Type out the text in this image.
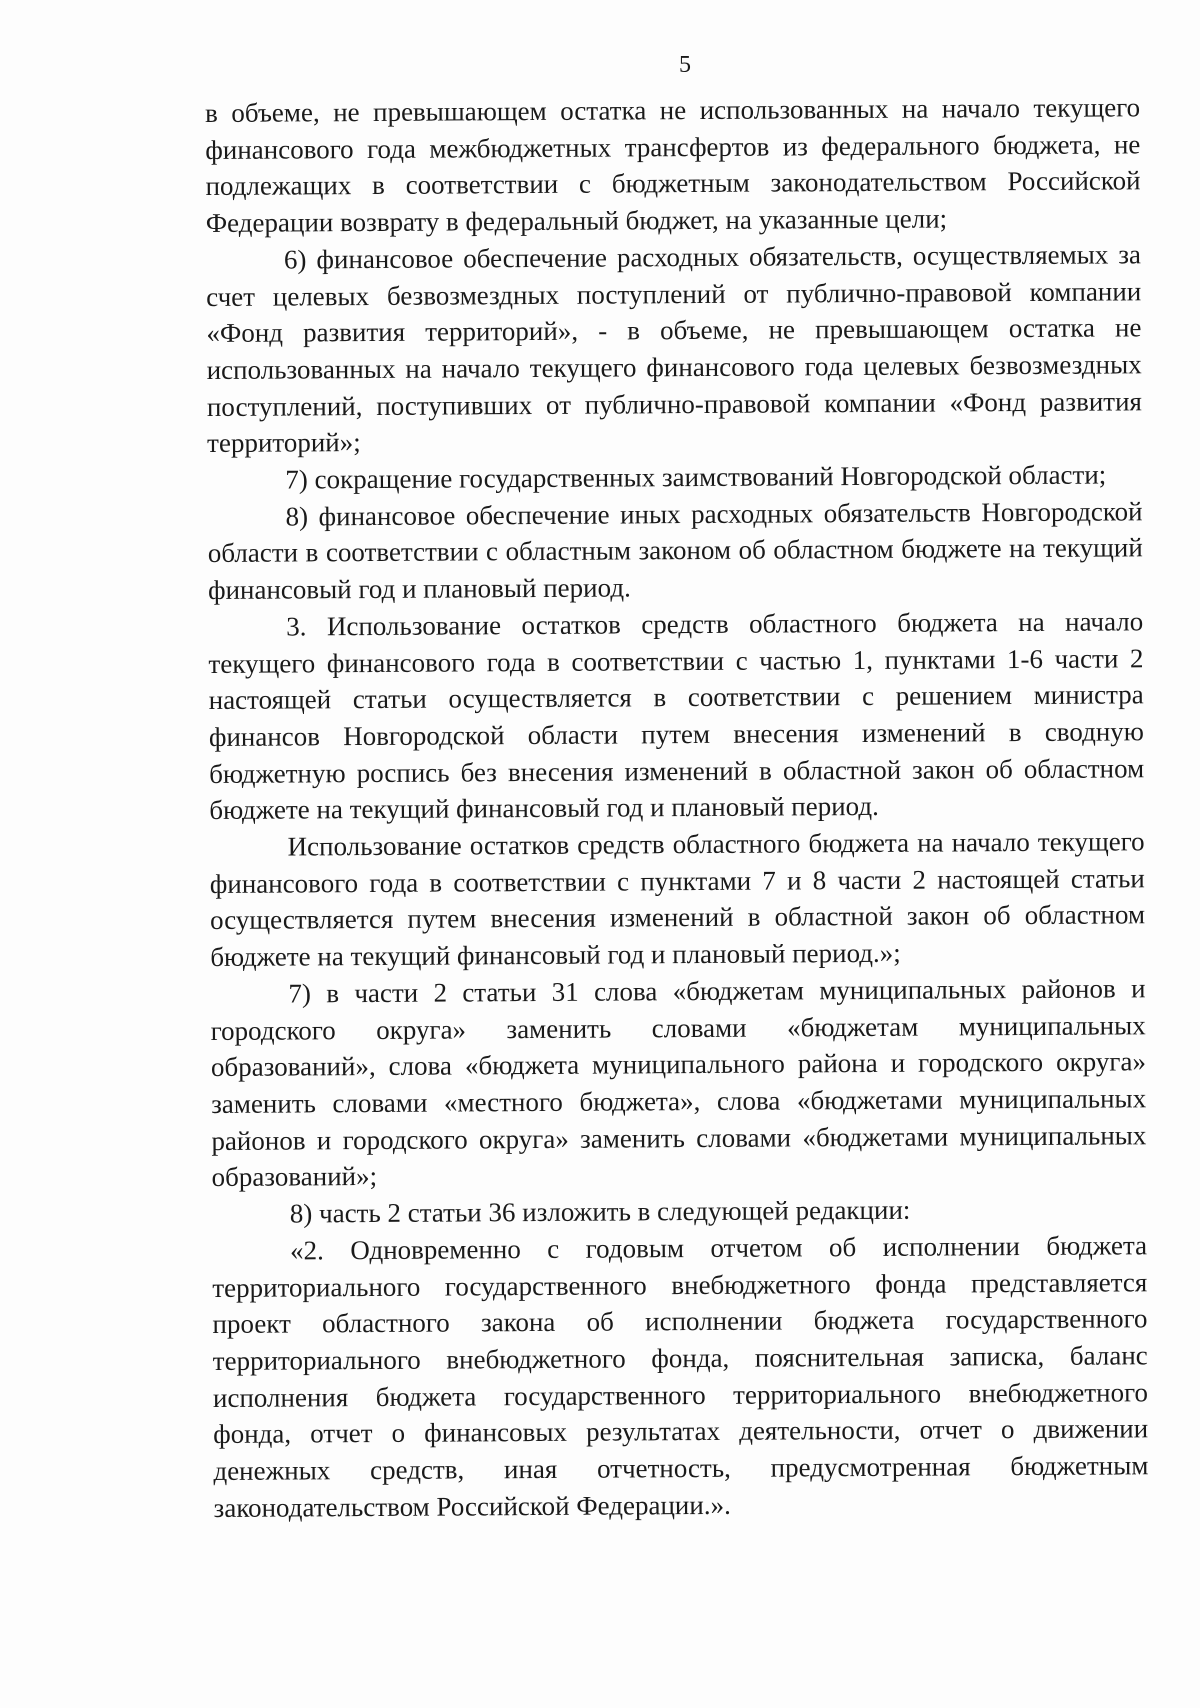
5

в объеме, не превышающем остатка не использованных на начало текущего финансового года межбюджетных трансфертов из федерального бюджета, не подлежащих в соответствии с бюджетным законодательством Российской Федерации возврату в федеральный бюджет, на указанные цели;

6) финансовое обеспечение расходных обязательств, осуществляемых за счет целевых безвозмездных поступлений от публично-правовой компании «Фонд развития территорий», - в объеме, не превышающем остатка не использованных на начало текущего финансового года целевых безвозмездных поступлений, поступивших от публично-правовой компании «Фонд развития территорий»;

7) сокращение государственных заимствований Новгородской области;

8) финансовое обеспечение иных расходных обязательств Новгородской области в соответствии с областным законом об областном бюджете на текущий финансовый год и плановый период.

3. Использование остатков средств областного бюджета на начало текущего финансового года в соответствии с частью 1, пунктами 1-6 части 2 настоящей статьи осуществляется в соответствии с решением министра финансов Новгородской области путем внесения изменений в сводную бюджетную роспись без внесения изменений в областной закон об областном бюджете на текущий финансовый год и плановый период.

Использование остатков средств областного бюджета на начало текущего финансового года в соответствии с пунктами 7 и 8 части 2 настоящей статьи осуществляется путем внесения изменений в областной закон об областном бюджете на текущий финансовый год и плановый период.»;

7) в части 2 статьи 31 слова «бюджетам муниципальных районов и городского округа» заменить словами «бюджетам муниципальных образований», слова «бюджета муниципального района и городского округа» заменить словами «местного бюджета», слова «бюджетами муниципальных районов и городского округа» заменить словами «бюджетами муниципальных образований»;

8) часть 2 статьи 36 изложить в следующей редакции:

«2. Одновременно с годовым отчетом об исполнении бюджета территориального государственного внебюджетного фонда представляется проект областного закона об исполнении бюджета государственного территориального внебюджетного фонда, пояснительная записка, баланс исполнения бюджета государственного территориального внебюджетного фонда, отчет о финансовых результатах деятельности, отчет о движении денежных средств, иная отчетность, предусмотренная бюджетным законодательством Российской Федерации.».
